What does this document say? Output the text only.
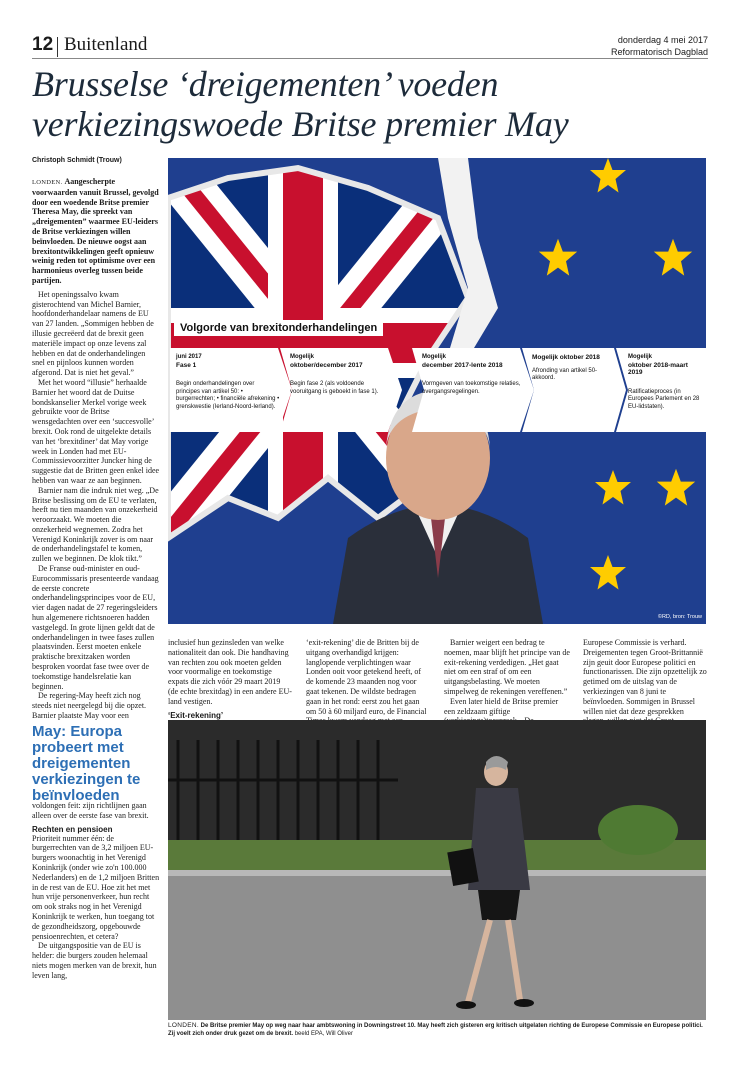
12 Buitenland	donderdag 4 mei 2017
Reformatorisch Dagblad
Brusselse ‘dreigementen’ voeden verkiezingswoede Britse premier May
Christoph Schmidt (Trouw)

LONDEN. Aangescherpte voorwaarden vanuit Brussel, gevolgd door een woedende Britse premier Theresa May, die spreekt van „dreigementen” waarmee EU-leiders de Britse verkiezingen willen beïnvloeden. De nieuwe oogst aan brexitontwikkelingen geeft opnieuw weinig reden tot optimisme over een harmonieus overleg tussen beide partijen.

Het openingssalvo kwam gisterochtend van Michel Barnier, hoofdonderhandelaar namens de EU van 27 landen. „Sommigen hebben de illusie gecreëerd dat de brexit geen materiële impact op onze levens zal hebben en dat de onderhandelingen snel en pijnloos kunnen worden afgerond. Dat is niet het geval.”

Met het woord “illusie” herhaalde Barnier het woord dat de Duitse bondskanselier Merkel vorige week gebruikte voor de Britse wensgedachten over een ‘succesvolle’ brexit. Ook rond de uitgelekte details van het ‘brexitdiner’ dat May vorige week in Londen had met EU-Commissievoorzitter Juncker hing de suggestie dat de Britten geen enkel idee hebben van waar ze aan beginnen.

Barnier nam die indruk niet weg. „De Britse beslissing om de EU te verlaten, heeft nu tien maanden van onzekerheid veroorzaakt. We moeten die onzekerheid wegnemen. Zodra het Verenigd Koninkrijk zover is om naar de onderhandelingstafel te komen, zullen we beginnen. De klok tikt.”

De Franse oud-minister en oud-Eurocommissaris presenteerde vandaag de eerste concrete onderhandelingsprincipes voor de EU, vier dagen nadat de 27 regeringsleiders hun algemenere richtsnoeren hadden vastgelegd. In grote lijnen geldt dat de onderhandelingen in twee fases zullen plaatsvinden. Eerst moeten enkele praktische brexitzaken worden besproken voordat fase twee over de toekomstige handelsrelatie kan beginnen.

De regering-May heeft zich nog steeds niet neergelegd bij die opzet. Barnier plaatste May voor een

May: Europa probeert met dreigementen verkiezingen te beïnvloeden

voldongen feit: zijn richtlijnen gaan alleen over de eerste fase van brexit.

Rechten en pensioen

Prioriteit nummer één: de burgerrechten van de 3,2 miljoen EU-burgers woonachtig in het Verenigd Koninkrijk (onder wie zo'n 100.000 Nederlanders) en de 1,2 miljoen Britten in de rest van de EU. Hoe zit het met hun vrije personenverkeer, hun recht om ook straks nog in het Verenigd Koninkrijk te werken, hun toegang tot de gezondheidszorg, opgebouwde pensioenrechten, et cetera?

De uitgangspositie van de EU is helder: die burgers zouden helemaal niets mogen merken van de brexit, hun leven lang,

Volgorde van brexitonderhandelingen
juni 2017
Fase 1
Begin onderhandelingen over principes van artikel 50: • burgerrechten; • financiële afrekening • grenskwestie (Ierland-Noord-Ierland).
Mogelijk
oktober/december 2017
Begin fase 2 (als voldoende vooruitgang is geboekt in fase 1).
Mogelijk
december 2017-lente 2018
Vormgeven van toekomstige relaties, overgangsregelingen.
Mogelijk oktober 2018
Afronding van artikel 50-akkoord.
Mogelijk
oktober 2018-maart 2019
Ratificatieproces (in Europees Parlement en 28 EU-lidstaten).
©RD, bron: Trouw

inclusief hun gezinsleden van welke nationaliteit dan ook. Die handhaving van rechten zou ook moeten gelden voor voormalige en toekomstige expats die zich vóór 29 maart 2019 (de echte brexitdag) in een andere EU-land vestigen.

‘Exit-rekening’

‘exit-rekening’ die de Britten bij de uitgang overhandigd krijgen: langlopende verplichtingen waar Londen ooit voor getekend heeft, of de komende 23 maanden nog voor gaat tekenen. De wildste bedragen gaan in het rond: eerst zou het gaan om 50 à 60 miljard euro, de Financial

Barnier weigert een bedrag te noemen, maar blijft het principe van de exit-rekening verdedigen. „Het gaat niet om een straf of om een uitgangsbelasting. We moeten simpelweg de rekeningen vereffenen.”

Even later hield de Britse premier een zeldzaam giftige

Europese Commissie is verhard. Dreigementen tegen Groot-Brittannië zijn geuit door Europese politici en functionarissen. Die zijn opzettelijk zo getimed om de uitslag van de verkiezingen van 8 juni te beïnvloeden. Sommigen in Brussel willen niet dat deze gesprekken

LONDEN. De Britse premier May op weg naar haar ambtswoning in Downingstreet 10. May heeft zich gisteren erg kritisch uitgelaten richting de Europese Commissie en Europese politici. Zij voelt zich onder druk gezet om de brexit. beeld EPA, Will Oliver
